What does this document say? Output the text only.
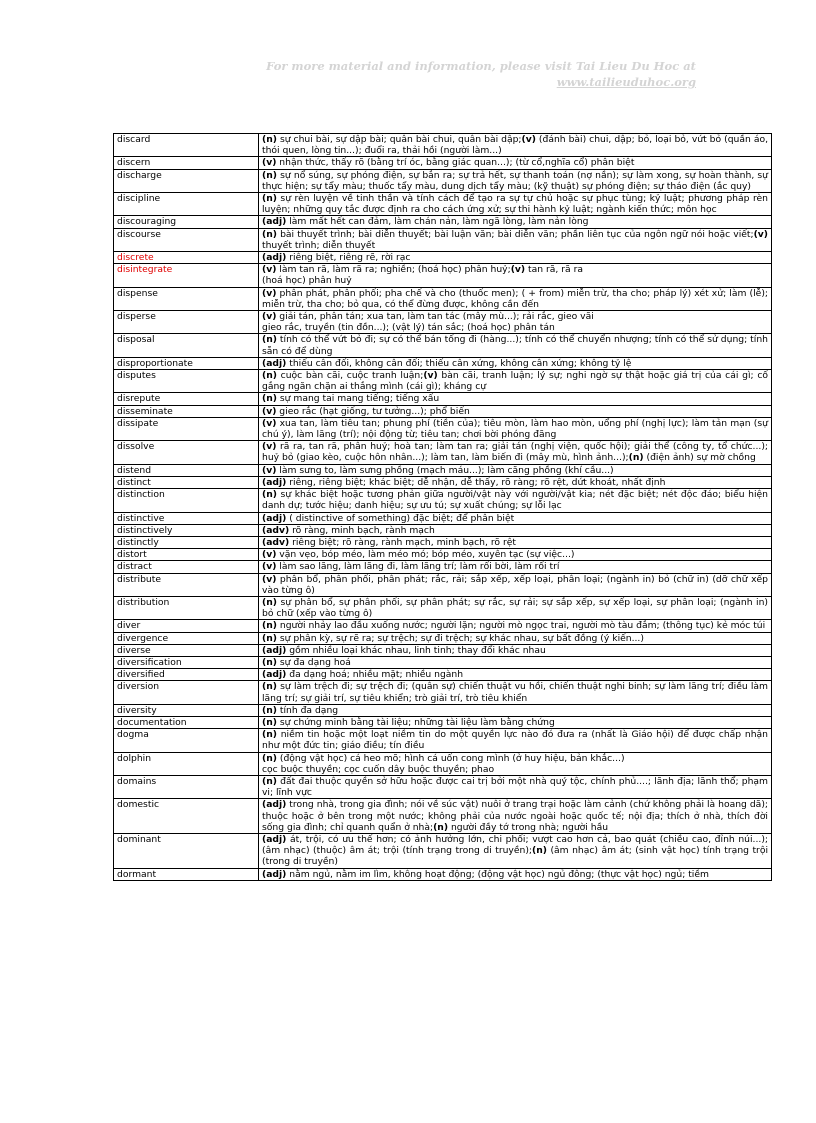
For more material and information, please visit Tai Lieu Du Hoc at
www.tailieuduhoc.org
discard	(n) sự chui bài, sự dập bài; quân bài chui, quân bài dập;(v) (đánh bài) chui, dập; bỏ, loại bỏ, vứt bỏ (quần áo, thói quen, lòng tin...); đuổi ra, thải hồi (người làm...)
discern	(v) nhận thức, thấy rõ (bằng trí óc, bằng giác quan...); (từ cổ,nghĩa cổ) phân biệt
discharge	(n) sự nổ súng, sự phóng điện, sự bắn ra; sự trả hết, sự thanh toán (nợ nần); sự làm xong, sự hoàn thành, sự thực hiện; sự tẩy màu; thuốc tẩy màu, dung dịch tẩy màu; (kỹ thuật) sự phóng điện; sự tháo điện (ắc quy)
discipline	(n) sự rèn luyện về tinh thần và tính cách để tạo ra sự tự chủ hoặc sự phục tùng; kỷ luật; phương pháp rèn luyện; những quy tắc được định ra cho cách ứng xử; sự thi hành kỷ luật; ngành kiến thức; môn học
discouraging	(adj) làm mất hết can đảm, làm chán nản, làm ngã lòng, làm nản lòng
discourse	(n) bài thuyết trình; bài diễn thuyết; bài luận văn; bài diễn văn; phần liên tục của ngôn ngữ nói hoặc viết;(v) thuyết trình; diễn thuyết
discrete	(adj) riêng biệt, riêng rẽ, rời rạc
disintegrate	(v) làm tan rã, làm rã ra; nghiền; (hoá học) phân huỷ;(v) tan rã, rã ra
(hoá học) phân huỷ
dispense	(v) phân phát, phân phối; pha chế và cho (thuốc men); ( + from) miễn trừ, tha cho; pháp lý) xét xử; làm (lễ); miễn trừ, tha cho; bỏ qua, có thể đừng được, không cần đến
disperse	(v) giải tán, phân tán; xua tan, làm tan tác (mây mù...); rải rắc, gieo vãi
gieo rắc, truyền (tin đồn...); (vật lý) tán sắc; (hoá học) phân tán
disposal	(n) tính có thể vứt bỏ đi; sự có thể bán tống đi (hàng...); tính có thể chuyển nhượng; tính có thể sử dụng; tính sẵn có để dùng
disproportionate	(adj) thiếu cân đối, không cân đối; thiếu cân xứng, không cân xứng; không tỷ lệ
disputes	(n) cuộc bàn cãi, cuộc tranh luận;(v) bàn cãi, tranh luận; lý sự; nghi ngờ sự thật hoặc giá trị của cái gì; cố gắng ngăn chặn ai thắng mình (cái gì); kháng cự
disrepute	(n) sự mang tai mang tiếng; tiếng xấu
disseminate	(v) gieo rắc (hạt giống, tư tưởng...); phổ biến
dissipate	(v) xua tan, làm tiêu tan; phung phí (tiền của); tiêu mòn, làm hao mòn, uổng phí (nghị lực); làm tản mạn (sự chú ý), làm lãng (trí); nội động từ; tiêu tan; chơi bời phóng đãng
dissolve	(v) rã ra, tan rã, phân huỷ; hoà tan; làm tan ra; giải tán (nghị viện, quốc hội); giải thể (công ty, tổ chức...); huỷ bỏ (giao kèo, cuộc hôn nhân...); làm tan, làm biến đi (mây mù, hình ảnh...);(n) (điện ảnh) sự mờ chồng
distend	(v) làm sưng to, làm sưng phồng (mạch máu...); làm căng phồng (khí cầu...)
distinct	(adj) riêng, riêng biệt; khác biệt; dễ nhận, dễ thấy, rõ ràng; rõ rệt, dứt khoát, nhất định
distinction	(n) sự khác biệt hoặc tương phản giữa người/vật này với người/vật kia; nét đặc biệt; nét độc đáo; biểu hiện danh dự; tước hiệu; danh hiệu; sự ưu tú; sự xuất chúng; sự lỗi lạc
distinctive	(adj) ( distinctive of something) đặc biệt; để phân biệt
distinctively	(adv) rõ ràng, minh bạch, rành mạch
distinctly	(adv) riêng biệt; rõ ràng, rành mạch, minh bạch, rõ rệt
distort	(v) vặn vẹo, bóp méo, làm méo mó; bóp méo, xuyên tạc (sự việc...)
distract	(v) làm sao lãng, làm lãng đi, làm lãng trí; làm rối bời, làm rối trí
distribute	(v) phân bổ, phân phối, phân phát; rắc, rải; sắp xếp, xếp loại, phân loại; (ngành in) bỏ (chữ in) (dỡ chữ xếp vào từng ô)
distribution	(n) sự phân bổ, sự phân phối, sự phân phát; sự rắc, sự rải; sự sắp xếp, sự xếp loại, sự phân loại; (ngành in) bỏ chữ (xếp vào từng ô)
diver	(n) người nhảy lao đầu xuống nước; người lặn; người mò ngọc trai, người mò tàu đắm; (thông tục) kẻ móc túi
divergence	(n) sự phân kỳ, sự rẽ ra; sự trệch; sự đi trệch; sự khác nhau, sự bất đồng (ý kiến...)
diverse	(adj) gồm nhiều loại khác nhau, linh tinh; thay đổi khác nhau
diversification	(n) sự đa dạng hoá
diversified	(adj) đa dạng hoá; nhiều mặt; nhiều ngành
diversion	(n) sự làm trệch đi; sự trệch đi; (quân sự) chiến thuật vu hồi, chiến thuật nghi binh; sự làm lãng trí; điều làm lãng trí; sự giải trí, sự tiêu khiển; trò giải trí, trò tiêu khiển
diversity	(n) tính đa dạng
documentation	(n) sự chứng minh bằng tài liệu; những tài liệu làm bằng chứng
dogma	(n) niềm tin hoặc một loạt niềm tin do một quyền lực nào đó đưa ra (nhất là Giáo hội) để được chấp nhận như một đức tin; giáo điều; tín điều
dolphin	(n) (động vật học) cá heo mõ; hình cá uốn cong mình (ở huy hiệu, bản khắc...)
cọc buộc thuyền; cọc cuốn dây buộc thuyền; phao
domains	(n) đất đai thuộc quyền sở hữu hoặc được cai trị bởi một nhà quý tộc, chính phủ....; lãnh địa; lãnh thổ; phạm vi; lĩnh vực
domestic	(adj) trong nhà, trong gia đình; nói về súc vật) nuôi ở trang trại hoặc làm cảnh (chứ không phải là hoang dã); thuộc hoặc ở bên trong một nước; không phải của nước ngoài hoặc quốc tế; nội địa; thích ở nhà, thích đời sống gia đình; chỉ quanh quẩn ở nhà;(n) người đầy tớ trong nhà; người hầu
dominant	(adj) át, trội, có ưu thế hơn; có ảnh hưởng lớn, chi phối; vượt cao hơn cả, bao quát (chiều cao, đỉnh núi...); (âm nhạc) (thuộc) âm át; trội (tính trạng trong di truyền);(n) (âm nhạc) âm át; (sinh vật học) tính trạng trội (trong di truyền)
dormant	(adj) nằm ngủ, nằm im lìm, không hoạt động; (động vật học) ngủ đông; (thực vật học) ngủ; tiềm
